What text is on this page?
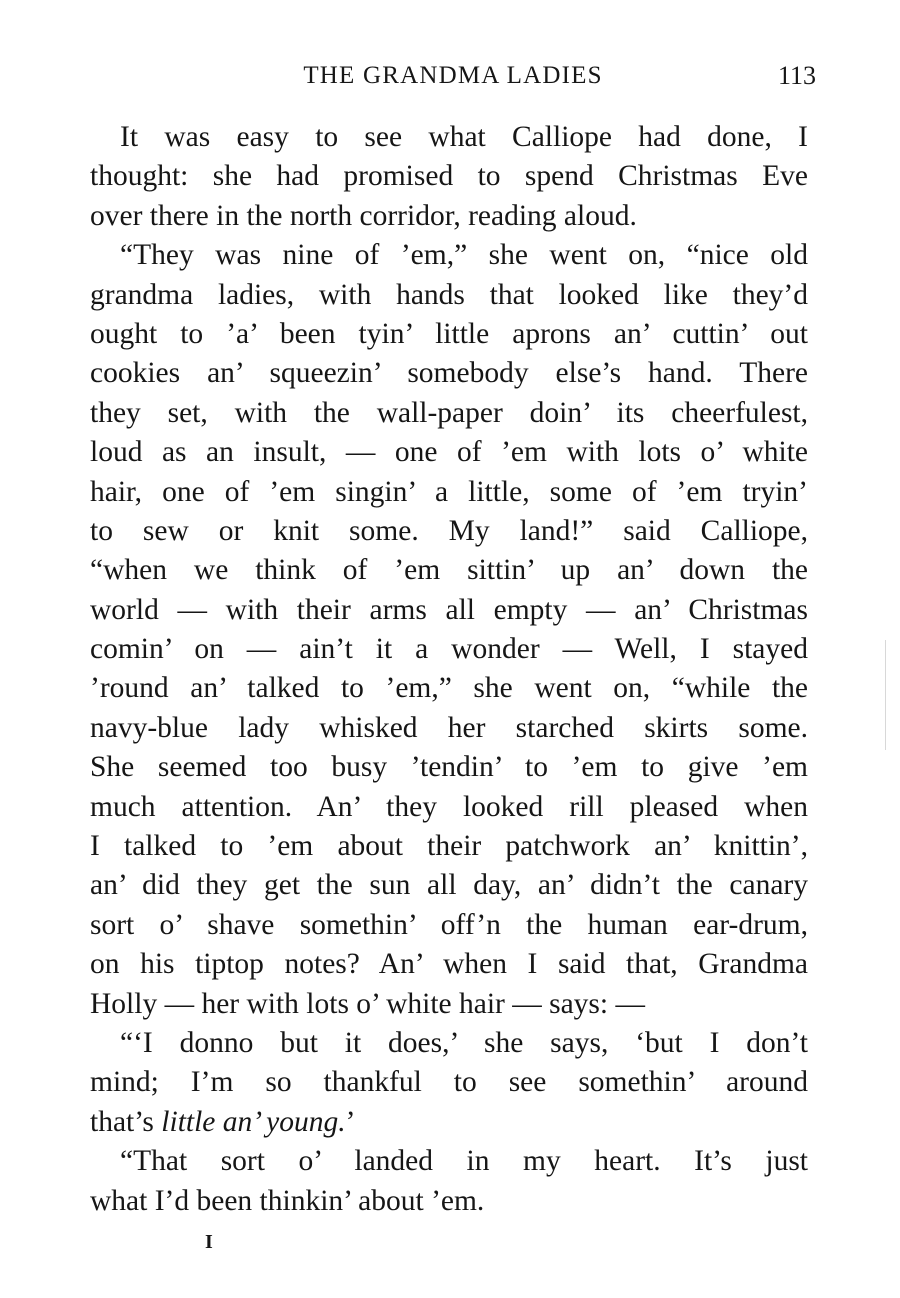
THE GRANDMA LADIES	113
It was easy to see what Calliope had done, I
thought: she had promised to spend Christmas Eve
over there in the north corridor, reading aloud.
“They was nine of ’em,” she went on, “nice old
grandma ladies, with hands that looked like they’d
ought to ’a’ been tyin’ little aprons an’ cuttin’ out
cookies an’ squeezin’ somebody else’s hand. There
they set, with the wall-paper doin’ its cheerfulest,
loud as an insult, — one of ’em with lots o’ white
hair, one of ’em singin’ a little, some of ’em tryin’
to sew or knit some. My land!” said Calliope,
“when we think of ’em sittin’ up an’ down the
world — with their arms all empty — an’ Christmas
comin’ on — ain’t it a wonder — Well, I stayed
’round an’ talked to ’em,” she went on, “while the
navy-blue lady whisked her starched skirts some.
She seemed too busy ’tendin’ to ’em to give ’em
much attention. An’ they looked rill pleased when
I talked to ’em about their patchwork an’ knittin’,
an’ did they get the sun all day, an’ didn’t the canary
sort o’ shave somethin’ off’n the human ear-drum,
on his tiptop notes? An’ when I said that, Grandma
Holly — her with lots o’ white hair — says: —
“‘I donno but it does,’ she says, ‘but I don’t
mind; I’m so thankful to see somethin’ around
that’s little an’ young.’
“That sort o’ landed in my heart. It’s just
what I’d been thinkin’ about ’em.
I
